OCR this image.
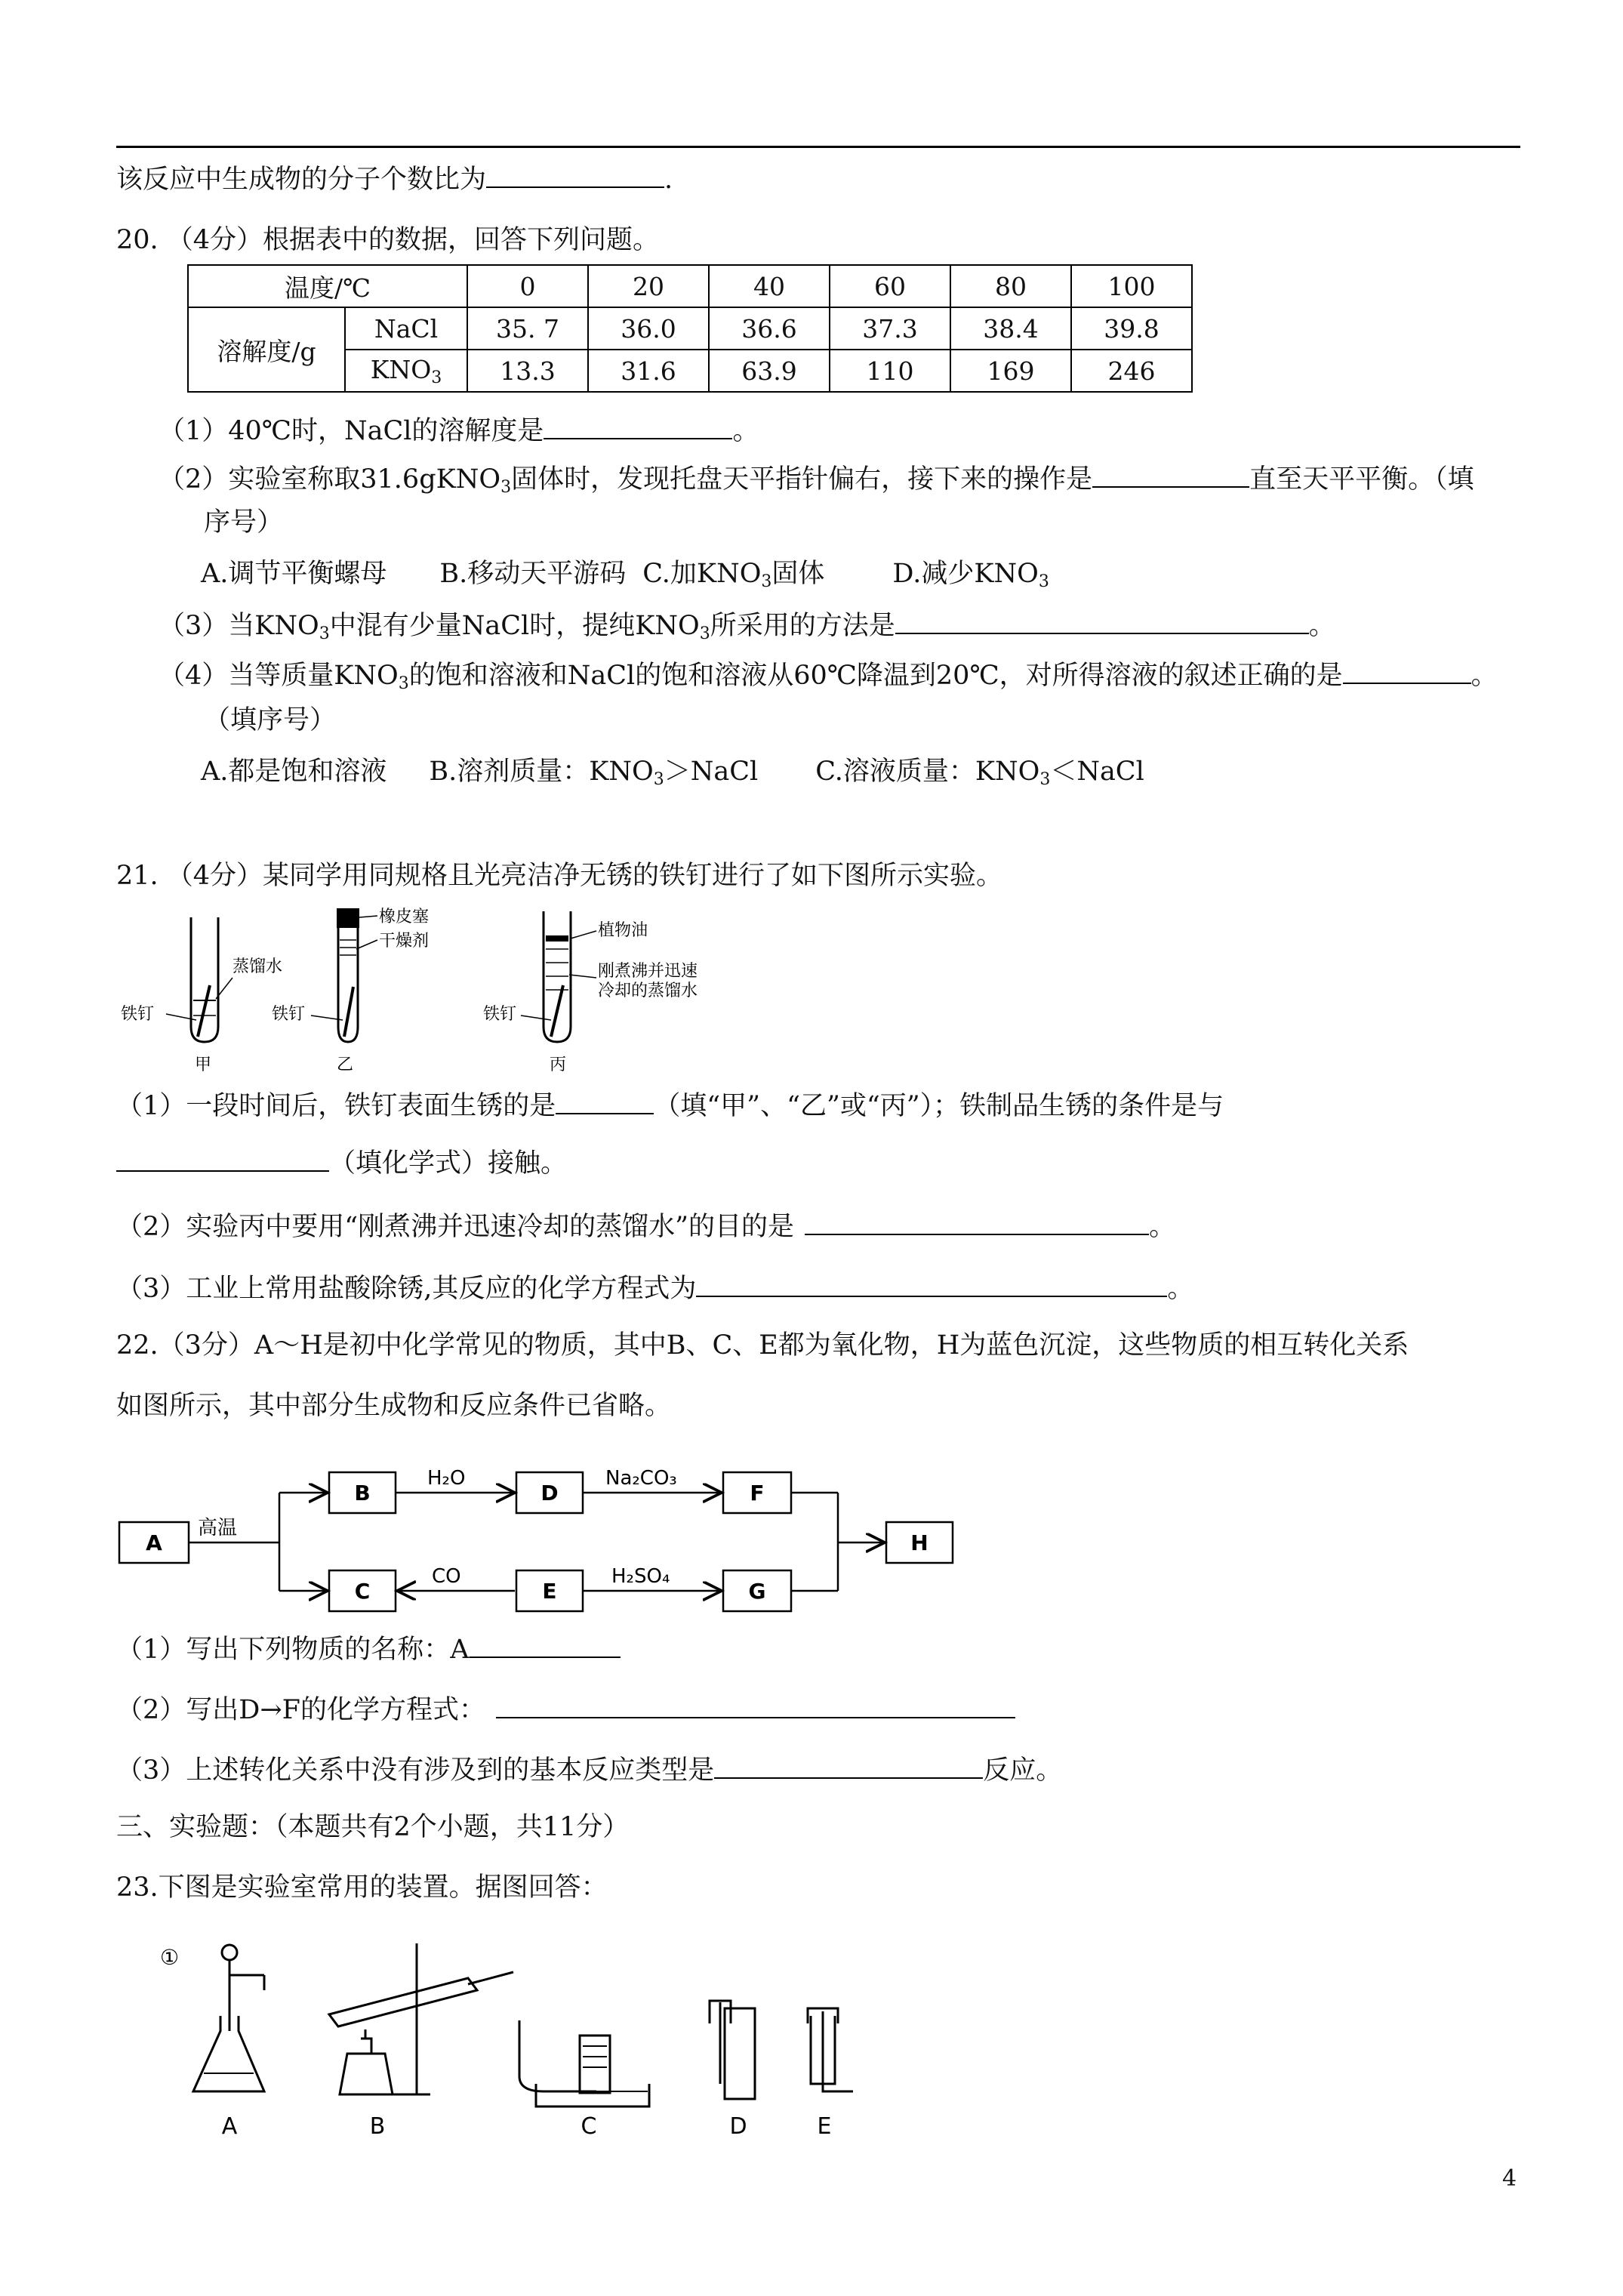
该反应中生成物的分子个数比为	.
20. （4分）根据表中的数据，回答下列问题。
温度/℃		0	20	40	60	80	100
溶解度/g	NaCl	35. 7	36.0	36.6	37.3	38.4	39.8
	$KNO_3$	13.3	31.6	63.9	110	169	246
（1）40℃时，NaCl的溶解度是	。
（2）实验室称取31.6gKNO$_3$固体时，发现托盘天平指针偏右，接下来的操作是	直至天平平衡。（填
序号）
A.调节平衡螺母 B.移动天平游码 C.加$KNO_3$固体	D.减少$KNO_3$
（3）当$KNO_3$中混有少量NaCl时，提纯$KNO_3$所采用的方法是	。
（4）当等质量$KNO_3$的饱和溶液和NaCl的饱和溶液从60℃降温到20℃，对所得溶液的叙述正确的是	。
（填序号）
A.都是饱和溶液 B.溶剂质量：$KNO_3>NaCl$ C.溶液质量：$KNO_3<NaCl$
21. （4分）某同学用同规格且光亮洁净无锈的铁钉进行了如下图所示实验。
蒸馏水
铁钉
甲
橡皮塞
干燥剂
铁钉
乙
植物油
刚煮沸并迅速
冷却的蒸馏水
铁钉
丙
（1）一段时间后，铁钉表面生锈的是	（填“甲”、“乙”或“丙”）；铁制品生锈的条件是与
（填化学式）接触。
（2）实验丙中要用“刚煮沸并迅速冷却的蒸馏水”的目的是	。
（3）工业上常用盐酸除锈,其反应的化学方程式为	。
22.（3分）A～H是初中化学常见的物质，其中B、C、E都为氧化物，H为蓝色沉淀，这些物质的相互转化关系
如图所示，其中部分生成物和反应条件已省略。
A
B	D	F
C	E	G
H
高温
H₂O	Na₂CO₃
CO	H₂SO₄
（1）写出下列物质的名称：A
（2）写出D→F的化学方程式：
（3）上述转化关系中没有涉及到的基本反应类型是	反应。
三、实验题：（本题共有2个小题，共11分）
23.下图是实验室常用的装置。据图回答：
①
A	B	C	D	E
4
